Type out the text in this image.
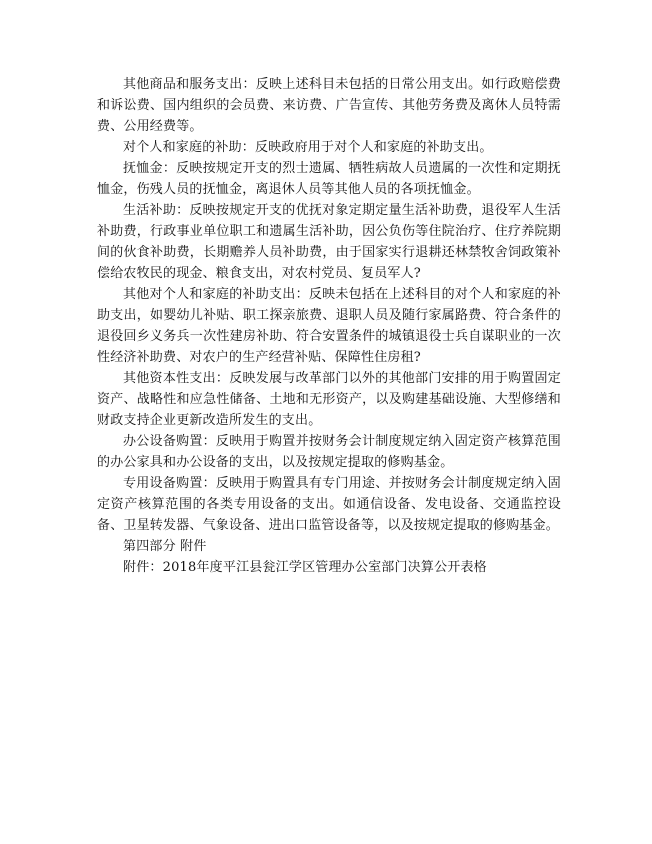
其他商品和服务支出：反映上述科目未包括的日常公用支出。如行政赔偿费和诉讼费、国内组织的会员费、来访费、广告宣传、其他劳务费及离休人员特需费、公用经费等。

对个人和家庭的补助：反映政府用于对个人和家庭的补助支出。

抚恤金：反映按规定开支的烈士遗属、牺牲病故人员遗属的一次性和定期抚恤金，伤残人员的抚恤金，离退休人员等其他人员的各项抚恤金。

生活补助：反映按规定开支的优抚对象定期定量生活补助费，退役军人生活补助费，行政事业单位职工和遗属生活补助，因公负伤等住院治疗、住疗养院期间的伙食补助费，长期赡养人员补助费，由于国家实行退耕还林禁牧舍饲政策补偿给农牧民的现金、粮食支出，对农村党员、复员军人?

其他对个人和家庭的补助支出：反映未包括在上述科目的对个人和家庭的补助支出，如婴幼儿补贴、职工探亲旅费、退职人员及随行家属路费、符合条件的退役回乡义务兵一次性建房补助、符合安置条件的城镇退役士兵自谋职业的一次性经济补助费、对农户的生产经营补贴、保障性住房租?

其他资本性支出：反映发展与改革部门以外的其他部门安排的用于购置固定资产、战略性和应急性储备、土地和无形资产，以及购建基础设施、大型修缮和财政支持企业更新改造所发生的支出。

办公设备购置：反映用于购置并按财务会计制度规定纳入固定资产核算范围的办公家具和办公设备的支出，以及按规定提取的修购基金。

专用设备购置：反映用于购置具有专门用途、并按财务会计制度规定纳入固定资产核算范围的各类专用设备的支出。如通信设备、发电设备、交通监控设备、卫星转发器、气象设备、进出口监管设备等，以及按规定提取的修购基金。

第四部分 附件

附件：2018年度平江县瓮江学区管理办公室部门决算公开表格
